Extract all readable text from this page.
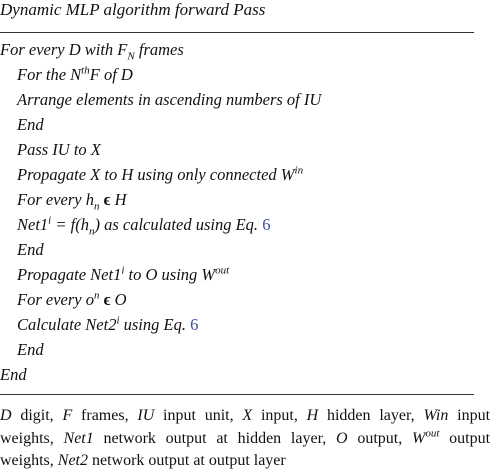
Dynamic MLP algorithm forward Pass
For every D with $F_N$ frames
For the $N^{th}F$ of D
Arrange elements in ascending numbers of IU
End
Pass IU to X
Propagate X to H using only connected $W^{in}$
For every $h_n$ ϵ H
$Net1^i = f(h_n)$ as calculated using Eq. 6
End
Propagate Net1$^i$ to O using $W^{out}$
For every $o^n$ ϵ O
Calculate Net2$^i$ using Eq. 6
End
End
D digit, F frames, IU input unit, X input, H hidden layer, Win input
weights, Net1 network output at hidden layer, O output, $W^{out}$ output
weights, Net2 network output at output layer
